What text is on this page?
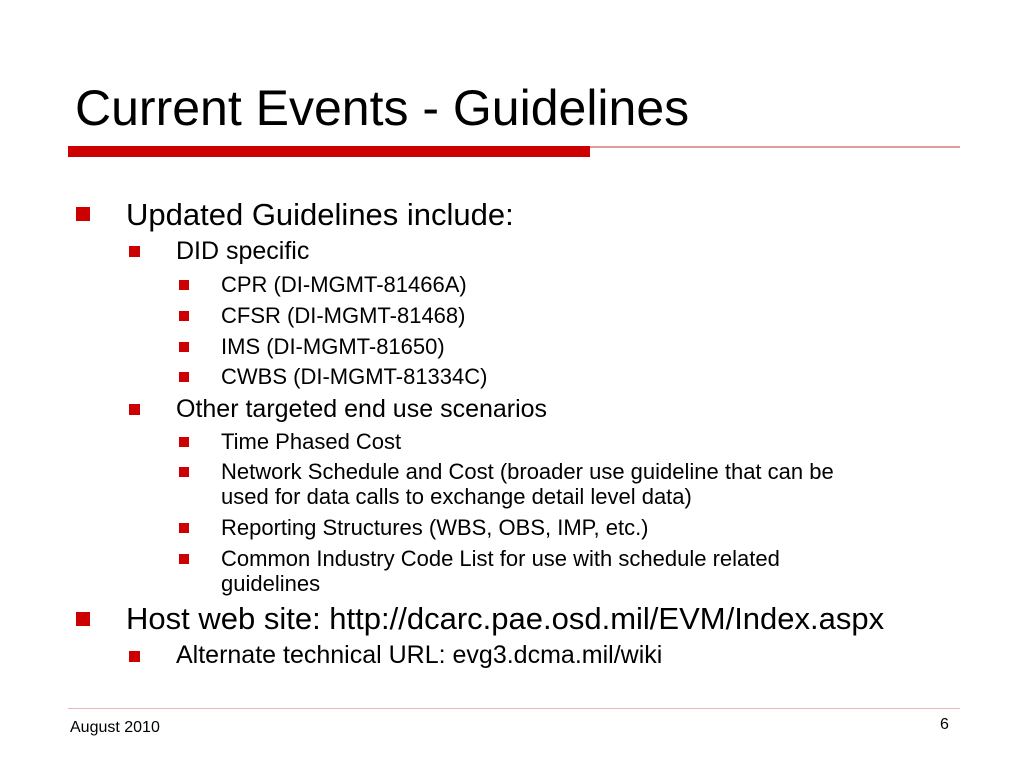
Current Events - Guidelines
Updated Guidelines include:
DID specific
CPR (DI-MGMT-81466A)
CFSR (DI-MGMT-81468)
IMS (DI-MGMT-81650)
CWBS (DI-MGMT-81334C)
Other targeted end use scenarios
Time Phased Cost
Network Schedule and Cost (broader use guideline that can be
used for data calls to exchange detail level data)
Reporting Structures (WBS, OBS, IMP, etc.)
Common Industry Code List for use with schedule related
guidelines
Host web site: http://dcarc.pae.osd.mil/EVM/Index.aspx
Alternate technical URL: evg3.dcma.mil/wiki
August 2010	6
